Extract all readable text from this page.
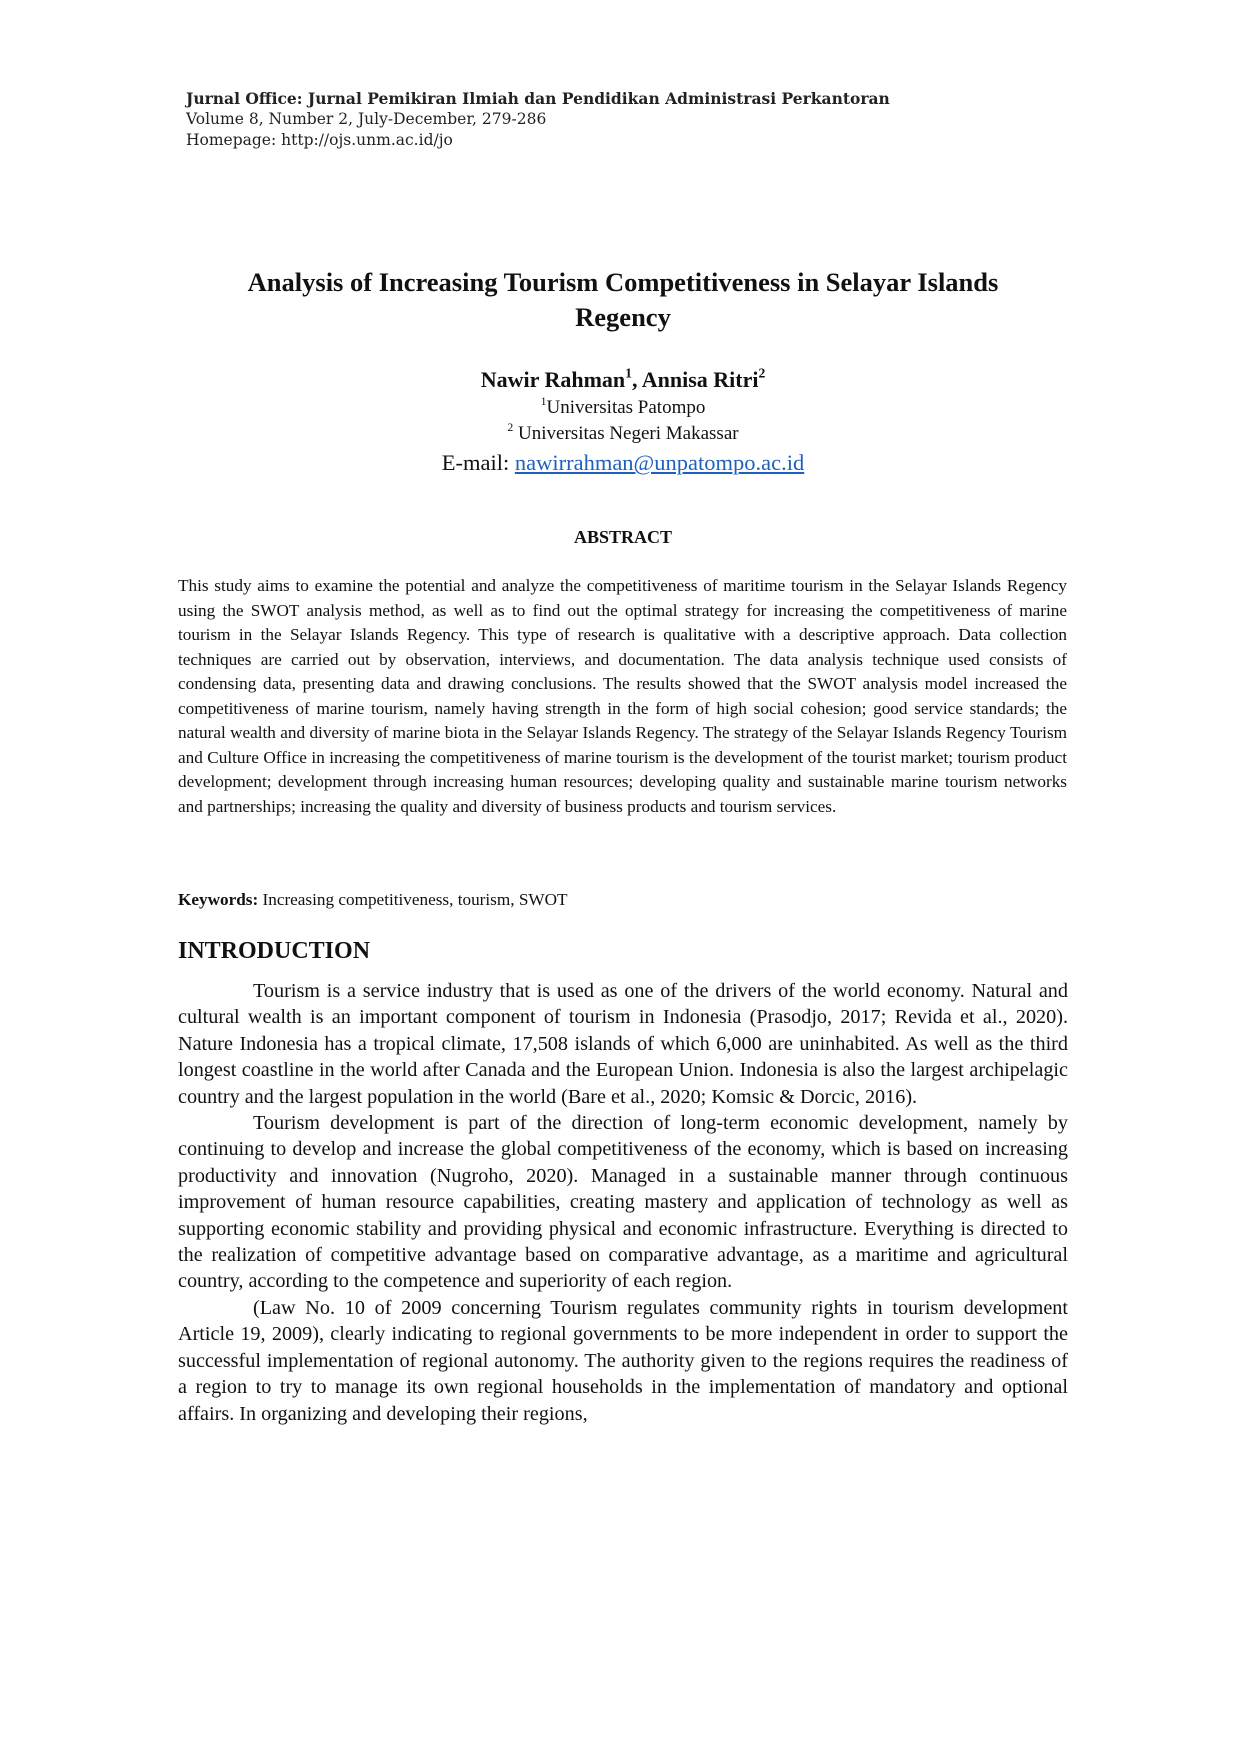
Jurnal Office: Jurnal Pemikiran Ilmiah dan Pendidikan Administrasi Perkantoran
Volume 8, Number 2, July-December, 279-286
Homepage: http://ojs.unm.ac.id/jo
Analysis of Increasing Tourism Competitiveness in Selayar Islands
Regency
Nawir Rahman$^1$, Annisa Ritri$^2$
$^1$Universitas Patompo
$^2$ Universitas Negeri Makassar
E-mail: nawirrahman@unpatompo.ac.id
ABSTRACT
This study aims to examine the potential and analyze the competitiveness of maritime tourism in the Selayar Islands Regency using the SWOT analysis method, as well as to find out the optimal strategy for increasing the competitiveness of marine tourism in the Selayar Islands Regency. This type of research is qualitative with a descriptive approach. Data collection techniques are carried out by observation, interviews, and documentation. The data analysis technique used consists of condensing data, presenting data and drawing conclusions. The results showed that the SWOT analysis model increased the competitiveness of marine tourism, namely having strength in the form of high social cohesion; good service standards; the natural wealth and diversity of marine biota in the Selayar Islands Regency. The strategy of the Selayar Islands Regency Tourism and Culture Office in increasing the competitiveness of marine tourism is the development of the tourist market; tourism product development; development through increasing human resources; developing quality and sustainable marine tourism networks and partnerships; increasing the quality and diversity of business products and tourism services.
Keywords: Increasing competitiveness, tourism, SWOT
INTRODUCTION

Tourism is a service industry that is used as one of the drivers of the world economy. Natural and cultural wealth is an important component of tourism in Indonesia (Prasodjo, 2017; Revida et al., 2020). Nature Indonesia has a tropical climate, 17,508 islands of which 6,000 are uninhabited. As well as the third longest coastline in the world after Canada and the European Union. Indonesia is also the largest archipelagic country and the largest population in the world (Bare et al., 2020; Komsic & Dorcic, 2016).

Tourism development is part of the direction of long-term economic development, namely by continuing to develop and increase the global competitiveness of the economy, which is based on increasing productivity and innovation (Nugroho, 2020). Managed in a sustainable manner through continuous improvement of human resource capabilities, creating mastery and application of technology as well as supporting economic stability and providing physical and economic infrastructure. Everything is directed to the realization of competitive advantage based on comparative advantage, as a maritime and agricultural country, according to the competence and superiority of each region.

(Law No. 10 of 2009 concerning Tourism regulates community rights in tourism development Article 19, 2009), clearly indicating to regional governments to be more independent in order to support the successful implementation of regional autonomy. The authority given to the regions requires the readiness of a region to try to manage its own regional households in the implementation of mandatory and optional affairs. In organizing and developing their regions,
